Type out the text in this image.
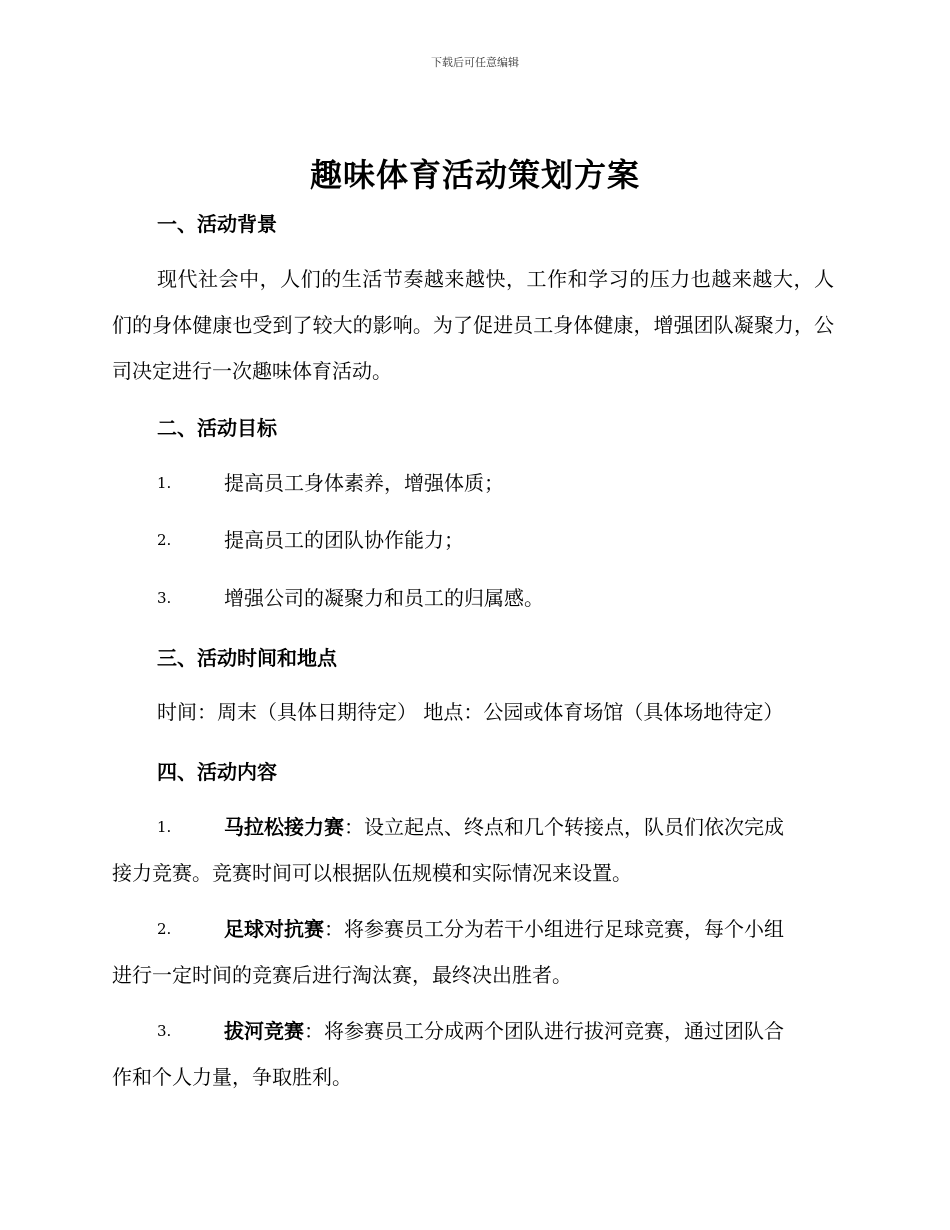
下载后可任意编辑
趣味体育活动策划方案
一、活动背景
现代社会中，人们的生活节奏越来越快，工作和学习的压力也越来越大，人们的身体健康也受到了较大的影响。为了促进员工身体健康，增强团队凝聚力，公司决定进行一次趣味体育活动。
二、活动目标
1.	提高员工身体素养，增强体质；
2.	提高员工的团队协作能力；
3.	增强公司的凝聚力和员工的归属感。
三、活动时间和地点
时间：周末（具体日期待定） 地点：公园或体育场馆（具体场地待定）
四、活动内容
1.	马拉松接力赛：设立起点、终点和几个转接点，队员们依次完成
接力竞赛。竞赛时间可以根据队伍规模和实际情况来设置。
2.	足球对抗赛：将参赛员工分为若干小组进行足球竞赛，每个小组
进行一定时间的竞赛后进行淘汰赛，最终决出胜者。
3.	拔河竞赛：将参赛员工分成两个团队进行拔河竞赛，通过团队合
作和个人力量，争取胜利。
